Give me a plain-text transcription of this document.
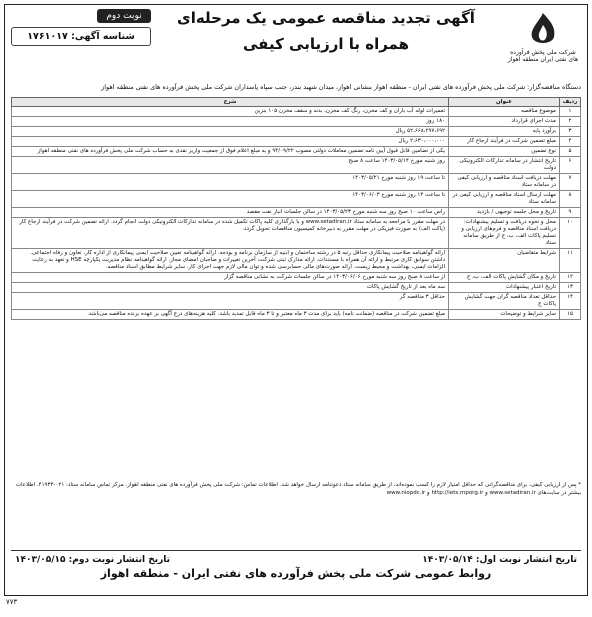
شرکت ملی پخش فرآورده های نفتی ایران منطقه اهواز
آگهی تجدید مناقصه عمومی یک مرحله‌ای
همراه با ارزیابی کیفی
نوبت دوم
شناسه آگهی: ۱۷۶۱۰۱۷
دستگاه مناقصه‌گزار: شرکت ملی پخش فرآورده های نفتی ایران - منطقه اهواز بنشانی اهواز، میدان شهید بندر، جنب سپاه پاسداران شرکت ملی پخش فرآورده های نفتی منطقه اهواز
ردیف	عنوان	شرح
۱	موضوع مناقصه	تعمیرات لوله آب باران و کف مخزن، رنگ کف مخزن، بدنه و سقف مخزن ۱۰۵ بنزین
۲	مدت اجرای قرارداد	۱۸۰ روز
۳	برآورد پایه	۵۲،۶۶۸،۲۹۷،۶۹۲ ریال
۴	مبلغ تضمین شرکت در فرآیند ارجاع کار	۲،۶۳۰،۰۰۰،۰۰۰ ریال
۵	نوع تضمین	یکی از تضامین قابل قبول آیین نامه تضمین معاملات دولتی مصوب ۹۴/۰۹/۲۲ و به مبلغ اعلام فوق از جمعیت واریز نقدی به حساب شرکت ملی پخش فرآورده های نفتی منطقه اهواز
۶	تاریخ انتشار در سامانه تدارکات الکترونیکی دولت	روز شنبه مورخ ۱۴۰۳/۰۵/۱۴ ساعت ۸ صبح
۷	مهلت دریافت اسناد مناقصه و ارزیابی کیفی در سامانه ستاد	تا ساعت ۱۹ روز شنبه مورخ ۱۴۰۳/۰۵/۲۱
۸	مهلت ارسال اسناد مناقصه و ارزیابی کیفی در سامانه ستاد	تا ساعت ۱۴ روز شنبه مورخ ۱۴۰۳/۰۶/۰۳
۹	تاریخ و محل جلسه توجیهی / بازدید	راس ساعت ۱۰ صبح روز سه شنبه مورخ ۱۴۰۳/۰۵/۲۳ در سالن جلسات انبار نفت مقصد
۱۰	محل و نحوه دریافت و تسلیم پیشنهادات: دریافت اسناد مناقصه و فرم‌های ارزیابی و تسلیم پاکات الف، ب، ج از طریق سامانه ستاد	در مهلت مقرر با مراجعه به سامانه ستاد www.setadiran.ir و با بارگذاری کلیه پاکات تکمیل شده در سامانه تدارکات الکترونیکی دولت انجام گردد. ارائه تضمین شرکت در فرآیند ارجاع کار (پاکت الف) به صورت فیزیکی در مهلت مقرر به دبیرخانه کمیسیون مناقصات تحویل گردد.
۱۱	شرایط متقاضیان	ارائه گواهینامه صلاحیت پیمانکاری حداقل رتبه ۵ در رشته ساختمان و ابنیه از سازمان برنامه و بودجه. ارائه گواهینامه تعیین صلاحیت ایمنی پیمانکاری از اداره کار، تعاون و رفاه اجتماعی. داشتن سوابق کاری مرتبط و ارائه آن همراه با مستندات. ارائه مدارک ثبتی شرکت، آخرین تغییرات و صاحبان امضای مجاز. ارائه گواهینامه نظام مدیریت یکپارچه HSE و تعهد به رعایت الزامات ایمنی، بهداشت و محیط زیست. ارائه صورت‌های مالی حسابرسی شده و توان مالی لازم جهت اجرای کار. سایر شرایط مطابق اسناد مناقصه.
۱۲	تاریخ و مکان گشایش پاکات الف، ب، ج	از ساعت ۸ صبح روز سه شنبه مورخ ۱۴۰۳/۰۶/۰۶ در سالن جلسات شرکت به نشانی مناقصه گزار
۱۳	تاریخ اعتبار پیشنهادات	سه ماه بعد از تاریخ گشایش پاکات
۱۴	حداقل تعداد مناقصه گران جهت گشایش پاکات ج	حداقل ۳ مناقصه گر
۱۵	سایر شرایط و توضیحات	مبلغ تضمین شرکت در مناقصه (ضمانت نامه) باید برای مدت ۳ ماه معتبر و تا ۳ ماه قابل تمدید باشد. کلیه هزینه‌های درج آگهی بر عهده برنده مناقصه می‌باشد.
* پس از ارزیابی کیفی، برای مناقصه‌گرانی که حداقل امتیاز لازم را کسب نموده‌اند، از طریق سامانه ستاد دعوتنامه ارسال خواهد شد. اطلاعات تماس: شرکت ملی پخش فرآورده های نفتی منطقه اهواز. مرکز تماس سامانه ستاد: ۰۲۱-۴۱۹۳۴. اطلاعات بیشتر در سایت‌های www.setadiran.ir و http://iets.mporg.ir و www.niopdc.ir
تاریخ انتشار نوبت اول: ۱۴۰۳/۰۵/۱۴
تاریخ انتشار نوبت دوم: ۱۴۰۳/۰۵/۱۵
روابط عمومی شرکت ملی پخش فرآورده های نفتی ایران - منطقه اهواز
۷۷۳
